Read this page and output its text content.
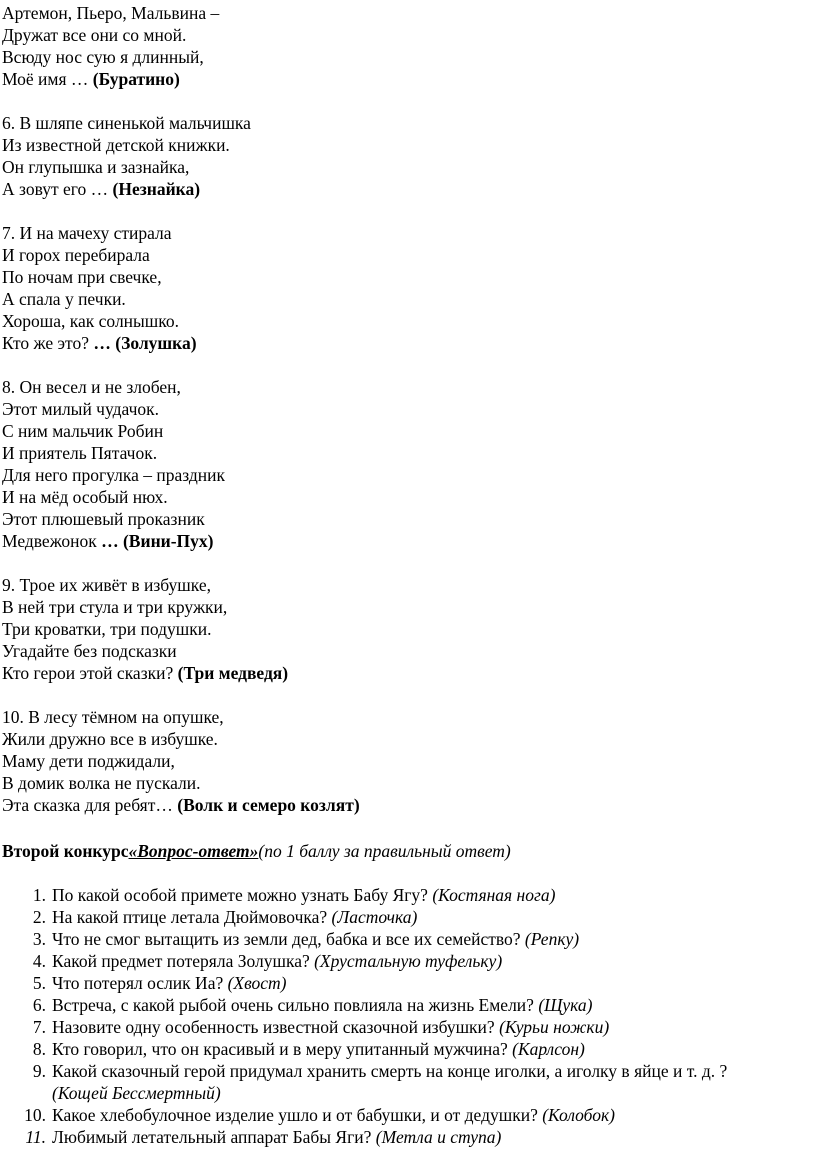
Артемон, Пьеро, Мальвина –
Дружат все они со мной.
Всюду нос сую я длинный,
Моё имя … (Буратино)
6. В шляпе синенькой мальчишка
Из известной детской книжки.
Он глупышка и зазнайка,
А зовут его … (Незнайка)
7. И на мачеху стирала
И горох перебирала
По ночам при свечке,
А спала у печки.
Хороша, как солнышко.
Кто же это? … (Золушка)
8. Он весел и не злобен,
Этот милый чудачок.
С ним мальчик Робин
И приятель Пятачок.
Для него прогулка – праздник
И на мёд особый нюх.
Этот плюшевый проказник
Медвежонок … (Вини-Пух)
9. Трое их живёт в избушке,
В ней три стула и три кружки,
Три кроватки, три подушки.
Угадайте без подсказки
Кто герои этой сказки? (Три медведя)
10. В лесу тёмном на опушке,
Жили дружно все в избушке.
Маму дети поджидали,
В домик волка не пускали.
Эта сказка для ребят… (Волк и семеро козлят)
Второй конкурс«Вопрос-ответ»(по 1 баллу за правильный ответ)
1. По какой особой примете можно узнать Бабу Ягу? (Костяная нога)
2. На какой птице летала Дюймовочка? (Ласточка)
3. Что не смог вытащить из земли дед, бабка и все их семейство? (Репку)
4. Какой предмет потеряла Золушка? (Хрустальную туфельку)
5. Что потерял ослик Иа? (Хвост)
6. Встреча, с какой рыбой очень сильно повлияла на жизнь Емели? (Щука)
7. Назовите одну особенность известной сказочной избушки? (Курьи ножки)
8. Кто говорил, что он красивый и в меру упитанный мужчина? (Карлсон)
9. Какой сказочный герой придумал хранить смерть на конце иголки, а иголку в яйце и т. д. ?
(Кощей Бессмертный)
10. Какое хлебобулочное изделие ушло и от бабушки, и от дедушки? (Колобок)
11. Любимый летательный аппарат Бабы Яги? (Метла и ступа)
